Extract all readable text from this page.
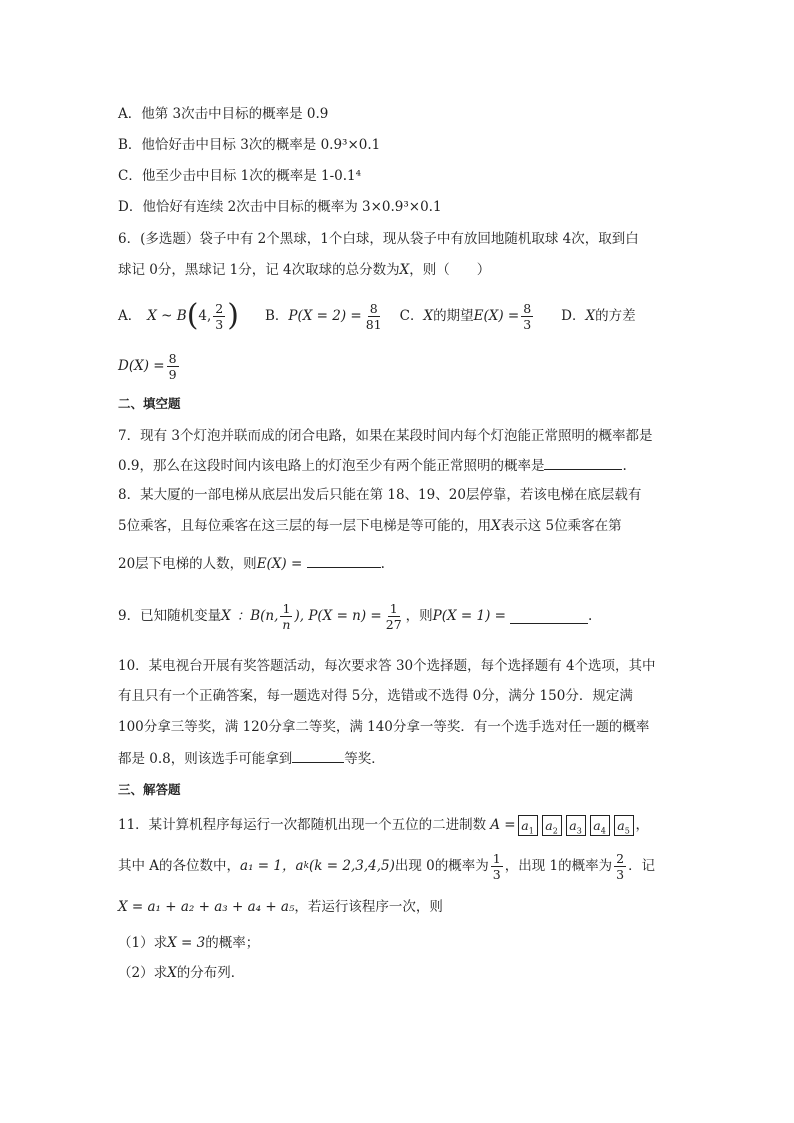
A．他第 3次击中目标的概率是 0.9
B．他恰好击中目标 3次的概率是 0.9³×0.1
C．他至少击中目标 1次的概率是 1-0.1⁴
D．他恰好有连续 2次击中目标的概率为 3×0.9³×0.1
6．(多选题）袋子中有 2个黑球，1个白球，现从袋子中有放回地随机取球 4次，取到白
球记 0分，黑球记 1分，记 4次取球的总分数为X，则（　　）
A． X ~ B ( 4, $\frac{2}{3}$ ) B． $P(X = 2) = \frac{8}{81}$ C． X 的期望 $E(X) = \frac{8}{3}$ D． X 的方差
$D(X) = \frac{8}{9}$
二、填空题
7．现有 3个灯泡并联而成的闭合电路，如果在某段时间内每个灯泡能正常照明的概率都是
0.9，那么在这段时间内该电路上的灯泡至少有两个能正常照明的概率是	.
8．某大厦的一部电梯从底层出发后只能在第 18、19、20层停靠，若该电梯在底层载有
5位乘客，且每位乘客在这三层的每一层下电梯是等可能的，用X表示这 5位乘客在第
20层下电梯的人数，则E(X) =	.
9．已知随机变量 X ：B(n, $\frac{1}{n}$ ), $P(X = n) = \frac{1}{27}$ ，则 P(X = 1) =	.
10．某电视台开展有奖答题活动，每次要求答 30个选择题，每个选择题有 4个选项，其中
有且只有一个正确答案，每一题选对得 5分，选错或不选得 0分，满分 150分．规定满
100分拿三等奖，满 120分拿二等奖，满 140分拿一等奖．有一个选手选对任一题的概率
都是 0.8，则该选手可能拿到	等奖．
三、解答题
11．某计算机程序每运行一次都随机出现一个五位的二进制数 $A = a_1$ $a_2$ $a_3$ $a_4$ $a_5$ ，
其中 A的各位数中， a₁ = 1， a k (k = 2,3,4,5) 出现 0的概率为 $\frac{1}{3}$ ，出现 1的概率为 $\frac{2}{3}$ ．记
X = a₁ + a₂ + a₃ + a₄ + a₅，若运行该程序一次，则
（1）求X = 3的概率；
（2）求X的分布列．
